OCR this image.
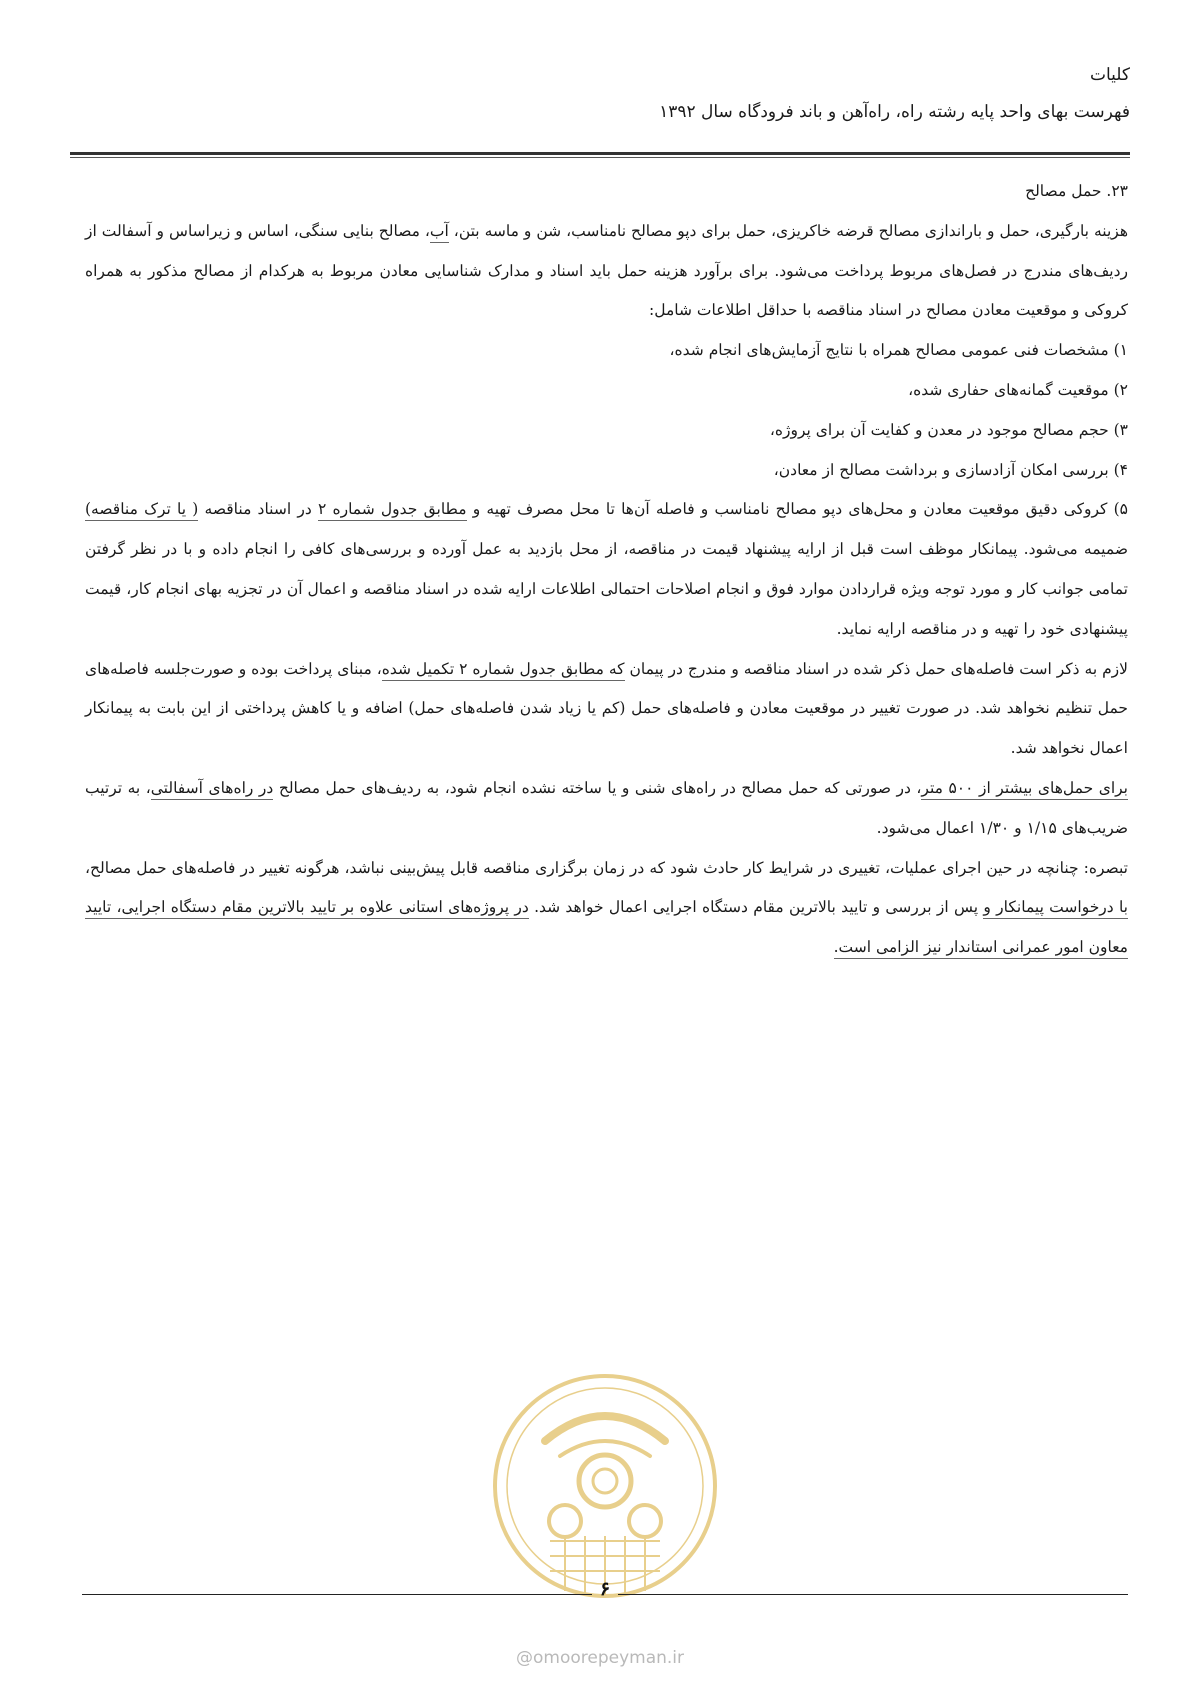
کلیات
فهرست بهای واحد پایه رشته راه، راه‌آهن و باند فرودگاه سال ۱۳۹۲

۲۳. حمل مصالح

هزینه بارگیری، حمل و باراندازی مصالح قرضه خاکریزی، حمل برای دپو مصالح نامناسب، شن و ماسه بتن، آب، مصالح بنایی سنگی، اساس و زیراساس و آسفالت از ردیف‌های مندرج در فصل‌های مربوط پرداخت می‌شود. برای برآورد هزینه حمل باید اسناد و مدارک شناسایی معادن مربوط به هرکدام از مصالح مذکور به همراه کروکی و موقعیت معادن مصالح در اسناد مناقصه با حداقل اطلاعات شامل:

۱) مشخصات فنی عمومی مصالح همراه با نتایج آزمایش‌های انجام شده،

۲) موقعیت گمانه‌های حفاری شده،

۳) حجم مصالح موجود در معدن و کفایت آن برای پروژه،

۴) بررسی امکان آزادسازی و برداشت مصالح از معادن،

۵) کروکی دقیق موقعیت معادن و محل‌های دپو مصالح نامناسب و فاصله آن‌ها تا محل مصرف تهیه و مطابق جدول شماره ۲ در اسناد مناقصه ( یا ترک مناقصه) ضمیمه می‌شود. پیمانکار موظف است قبل از ارایه پیشنهاد قیمت در مناقصه، از محل بازدید به عمل آورده و بررسی‌های کافی را انجام داده و با در نظر گرفتن تمامی جوانب کار و مورد توجه ویژه قراردادن موارد فوق و انجام اصلاحات احتمالی اطلاعات ارایه شده در اسناد مناقصه و اعمال آن در تجزیه بهای انجام کار، قیمت پیشنهادی خود را تهیه و در مناقصه ارایه نماید.

لازم به ذکر است فاصله‌های حمل ذکر شده در اسناد مناقصه و مندرج در پیمان که مطابق جدول شماره ۲ تکمیل شده، مبنای پرداخت بوده و صورت‌جلسه فاصله‌های حمل تنظیم نخواهد شد. در صورت تغییر در موقعیت معادن و فاصله‌های حمل (کم یا زیاد شدن فاصله‌های حمل) اضافه و یا کاهش پرداختی از این بابت به پیمانکار اعمال نخواهد شد.

برای حمل‌های بیشتر از ۵۰۰ متر، در صورتی که حمل مصالح در راه‌های شنی و یا ساخته نشده انجام شود، به ردیف‌های حمل مصالح در راه‌های آسفالتی، به ترتیب ضریب‌های ۱/۱۵ و ۱/۳۰ اعمال می‌شود.

تبصره: چنانچه در حین اجرای عملیات، تغییری در شرایط کار حادث شود که در زمان برگزاری مناقصه قابل پیش‌بینی نباشد، هرگونه تغییر در فاصله‌های حمل مصالح، با درخواست پیمانکار و پس از بررسی و تایید بالاترین مقام دستگاه اجرایی اعمال خواهد شد. در پروژه‌های استانی علاوه بر تایید بالاترین مقام دستگاه اجرایی، تایید معاون امور عمرانی استاندار نیز الزامی است.

۶
@omoorepeyman.ir
